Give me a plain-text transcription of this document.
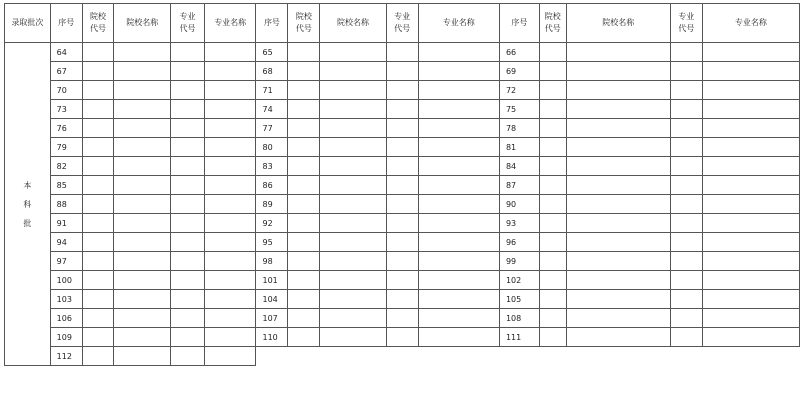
录取批次	序号	院校代号	院校名称	专业代号	专业名称	序号	院校代号	院校名称	专业代号	专业名称	序号	院校代号	院校名称	专业代号	专业名称
本科批	64					65					66				
	67					68					69				
	70					71					72				
	73					74					75				
	76					77					78				
	79					80					81				
	82					83					84				
	85					86					87				
	88					89					90				
	91					92					93				
	94					95					96				
	97					98					99				
	100					101					102				
	103					104					105				
	106					107					108				
	109					110					111				
	112														
